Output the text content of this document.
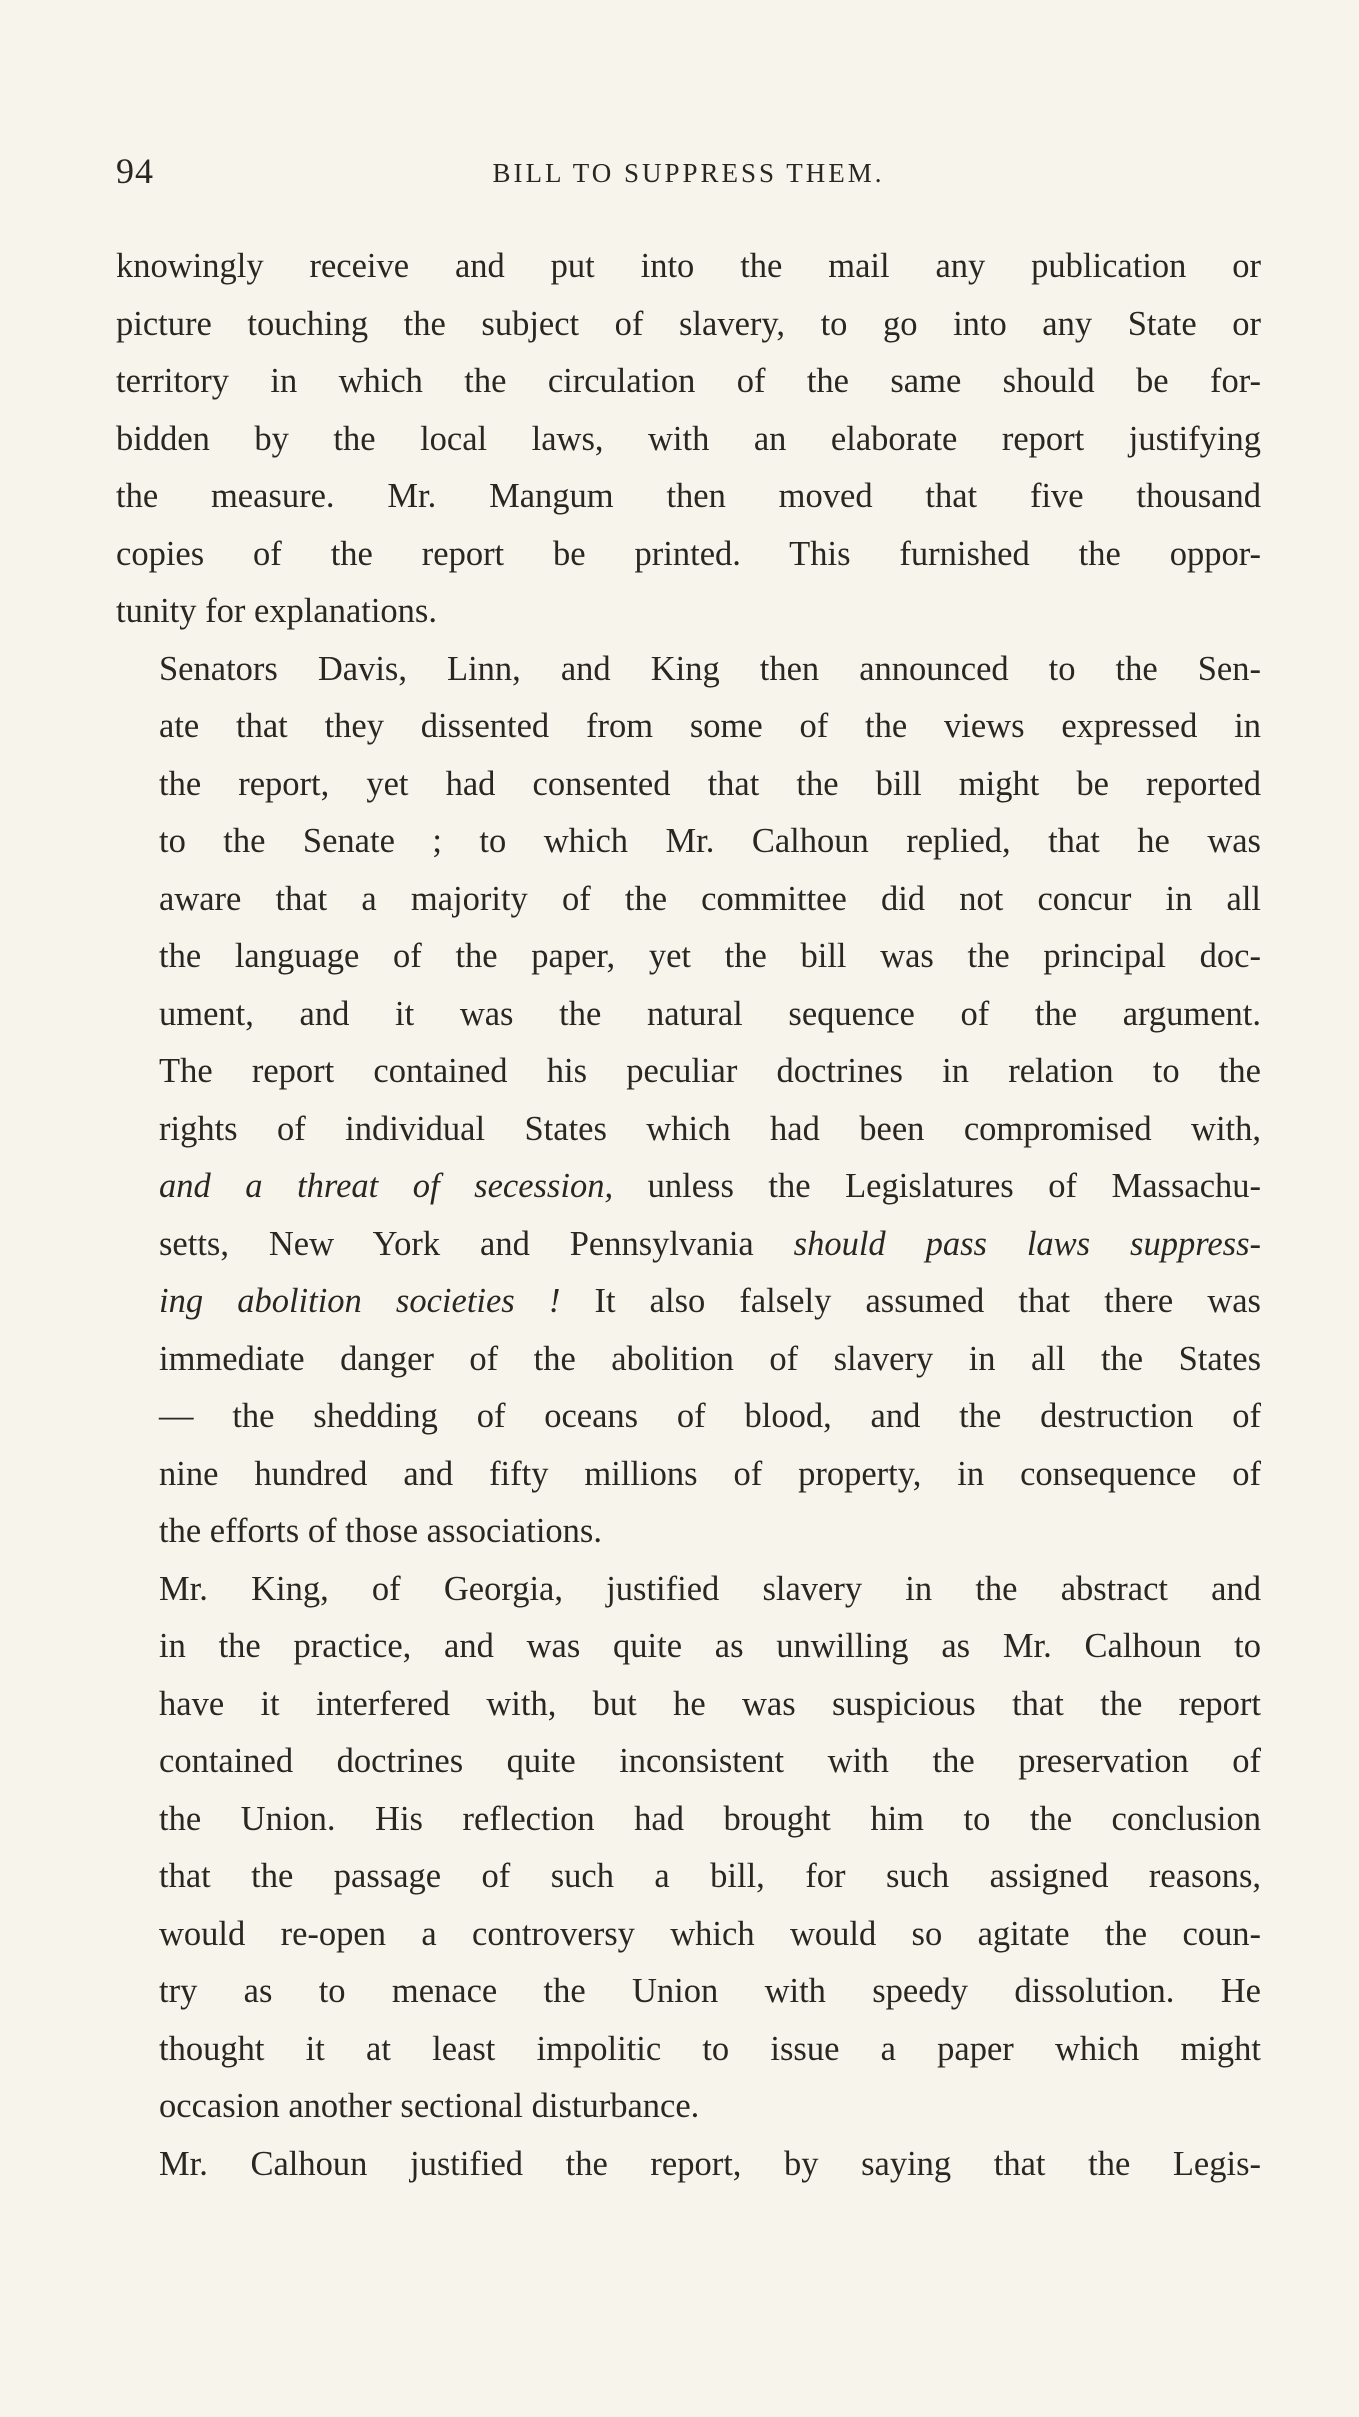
94	BILL TO SUPPRESS THEM.

knowingly receive and put into the mail any publication or
picture touching the subject of slavery, to go into any State or
territory in which the circulation of the same should be for-
bidden by the local laws, with an elaborate report justifying
the measure. Mr. Mangum then moved that five thousand
copies of the report be printed. This furnished the oppor-
tunity for explanations.

Senators Davis, Linn, and King then announced to the Sen-
ate that they dissented from some of the views expressed in
the report, yet had consented that the bill might be reported
to the Senate ; to which Mr. Calhoun replied, that he was
aware that a majority of the committee did not concur in all
the language of the paper, yet the bill was the principal doc-
ument, and it was the natural sequence of the argument.
The report contained his peculiar doctrines in relation to the
rights of individual States which had been compromised with,
and a threat of secession, unless the Legislatures of Massachu-
setts, New York and Pennsylvania should pass laws suppress-
ing abolition societies ! It also falsely assumed that there was
immediate danger of the abolition of slavery in all the States
— the shedding of oceans of blood, and the destruction of
nine hundred and fifty millions of property, in consequence of
the efforts of those associations.

Mr. King, of Georgia, justified slavery in the abstract and
in the practice, and was quite as unwilling as Mr. Calhoun to
have it interfered with, but he was suspicious that the report
contained doctrines quite inconsistent with the preservation of
the Union. His reflection had brought him to the conclusion
that the passage of such a bill, for such assigned reasons,
would re-open a controversy which would so agitate the coun-
try as to menace the Union with speedy dissolution. He
thought it at least impolitic to issue a paper which might
occasion another sectional disturbance.

Mr. Calhoun justified the report, by saying that the Legis-
